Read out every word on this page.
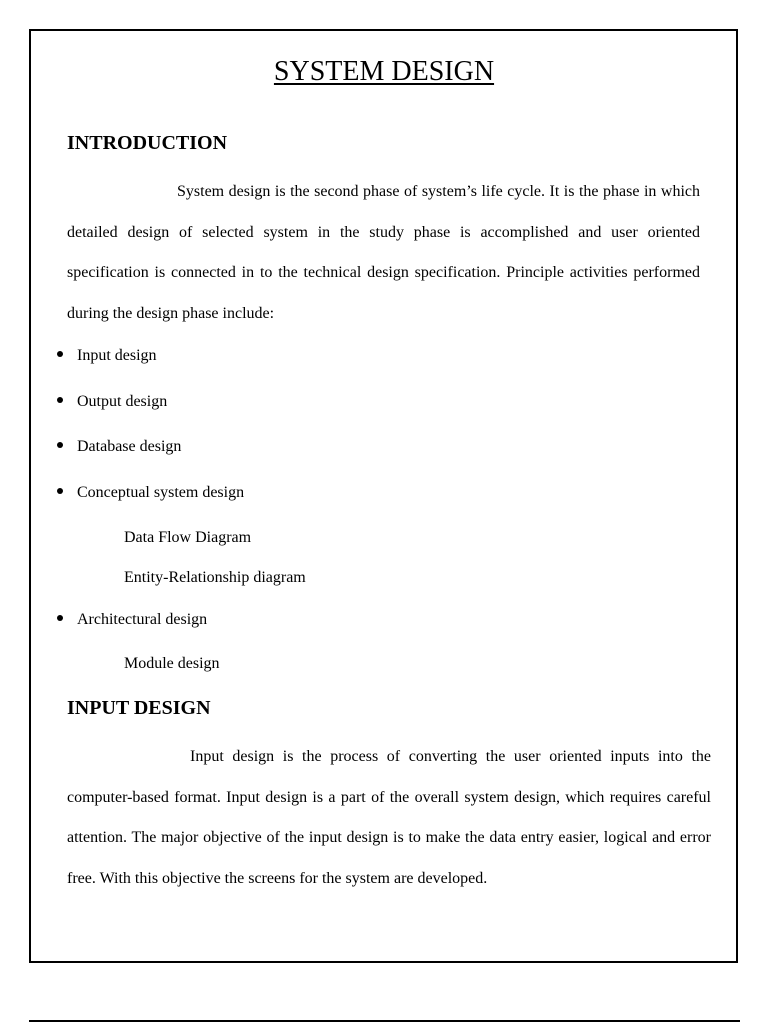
SYSTEM DESIGN
INTRODUCTION
System design is the second phase of system’s life cycle. It is the phase in which detailed design of selected system in the study phase is accomplished and user oriented specification is connected in to the technical design specification. Principle activities performed during the design phase include:
Input design
Output design
Database design
Conceptual system design
Data Flow Diagram
Entity-Relationship diagram
Architectural design
Module design
INPUT DESIGN
Input design is the process of converting the user oriented inputs into the computer-based format. Input design is a part of the overall system design, which requires careful attention. The major objective of the input design is to make the data entry easier, logical and error free. With this objective the screens for the system are developed.
